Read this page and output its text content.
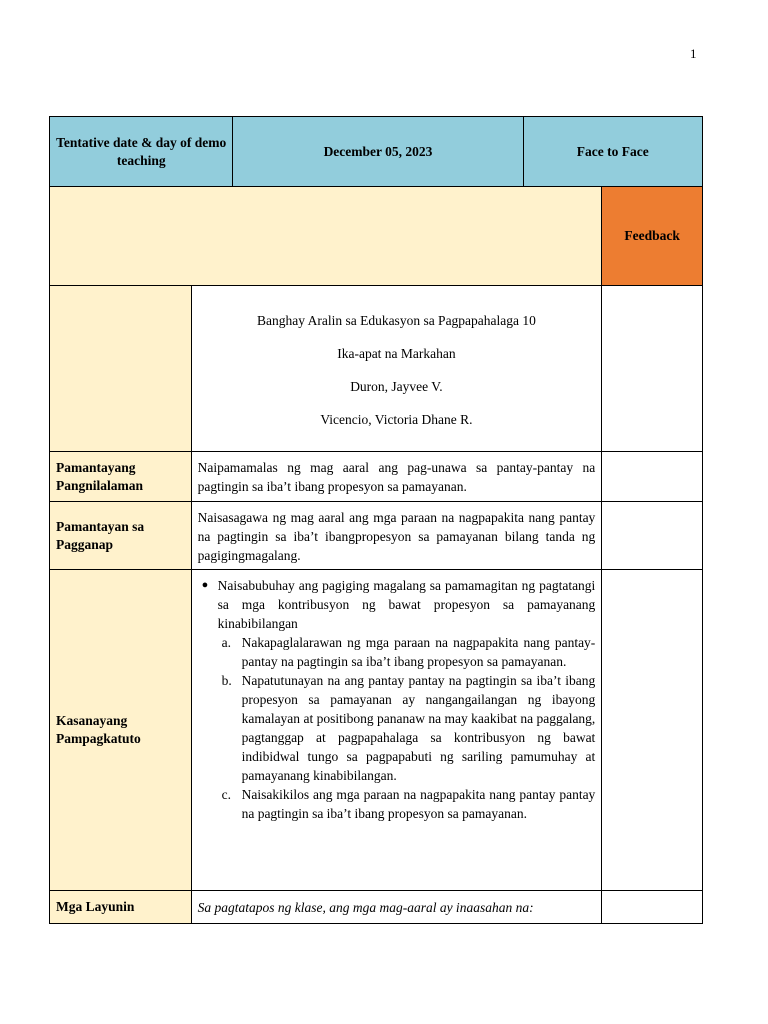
1
Tentative date & day of demo teaching
December 05, 2023	Face to Face
Feedback

Banghay Aralin sa Edukasyon sa Pagpapahalaga 10

Ika-apat na Markahan

Duron, Jayvee V.

Vicencio, Victoria Dhane R.

Pamantayang Pangnilalaman
Naipamamalas ng mag aaral ang pag-unawa sa pantay-pantay na pagtingin sa iba’t ibang propesyon sa pamayanan.
Pamantayan sa Pagganap
Naisasagawa ng mag aaral ang mga paraan na nagpapakita nang pantay na pagtingin sa iba’t ibangpropesyon sa pamayanan bilang tanda ng pagigingmagalang.
Kasanayang Pampagkatuto
● Naisabubuhay ang pagiging magalang sa pamamagitan ng pagtatangi sa mga kontribusyon ng bawat propesyon sa pamayanang kinabibilangan
a. Nakapaglalarawan ng mga paraan na nagpapakita nang pantay-pantay na pagtingin sa iba’t ibang propesyon sa pamayanan.
b. Napatutunayan na ang pantay pantay na pagtingin sa iba’t ibang propesyon sa pamayanan ay nangangailangan ng ibayong kamalayan at positibong pananaw na may kaakibat na paggalang, pagtanggap at pagpapahalaga sa kontribusyon ng bawat indibidwal tungo sa pagpapabuti ng sariling pamumuhay at pamayanang kinabibilangan.
c. Naisakikilos ang mga paraan na nagpapakita nang pantay pantay na pagtingin sa iba’t ibang propesyon sa pamayanan.
Mga Layunin	Sa pagtatapos ng klase, ang mga mag-aaral ay inaasahan na:
